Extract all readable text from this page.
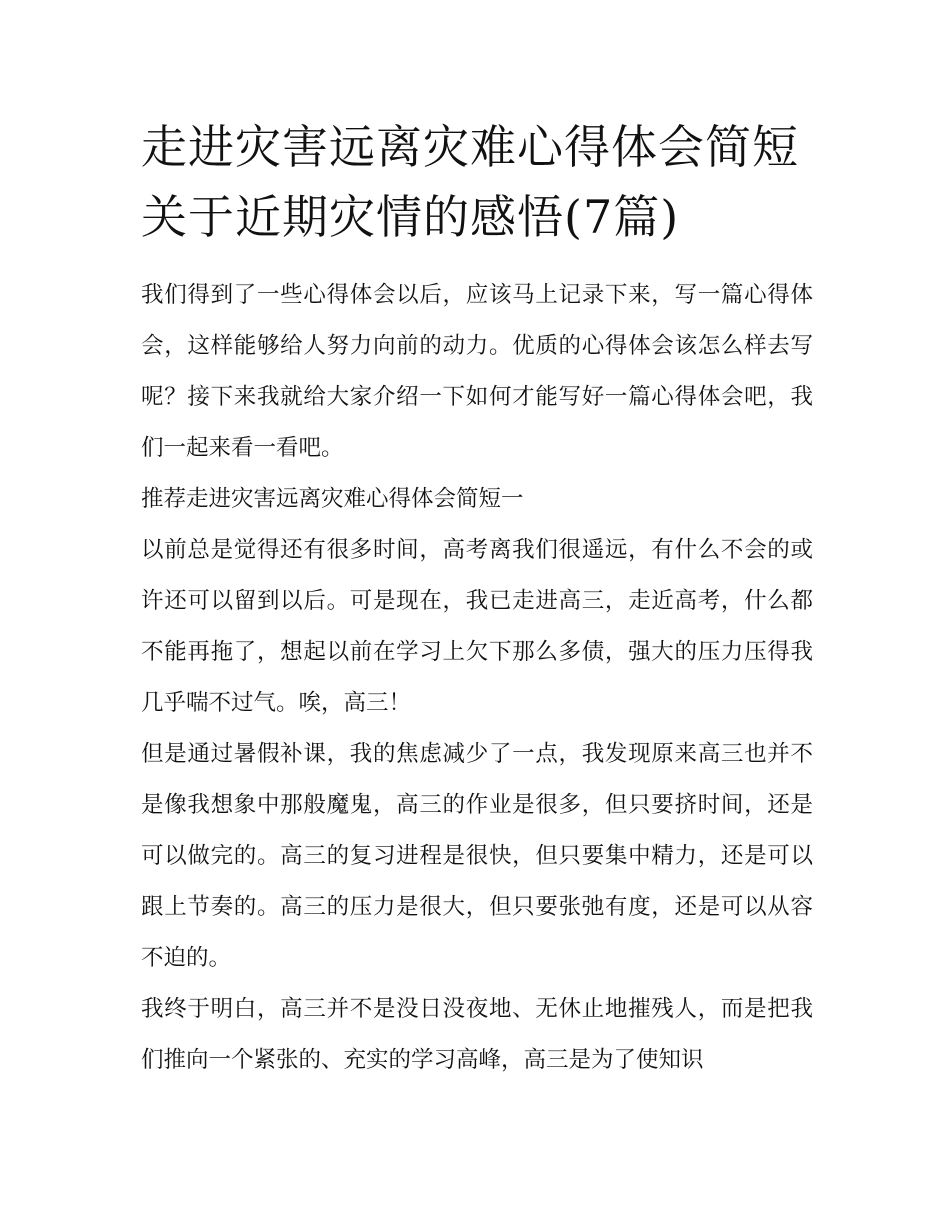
走进灾害远离灾难心得体会简短 关于近期灾情的感悟(7篇)

我们得到了一些心得体会以后，应该马上记录下来，写一篇心得体会，这样能够给人努力向前的动力。优质的心得体会该怎么样去写呢？接下来我就给大家介绍一下如何才能写好一篇心得体会吧，我们一起来看一看吧。

推荐走进灾害远离灾难心得体会简短一

以前总是觉得还有很多时间，高考离我们很遥远，有什么不会的或许还可以留到以后。可是现在，我已走进高三，走近高考，什么都不能再拖了，想起以前在学习上欠下那么多债，强大的压力压得我几乎喘不过气。唉，高三！

但是通过暑假补课，我的焦虑减少了一点，我发现原来高三也并不是像我想象中那般魔鬼，高三的作业是很多，但只要挤时间，还是可以做完的。高三的复习进程是很快，但只要集中精力，还是可以跟上节奏的。高三的压力是很大，但只要张弛有度，还是可以从容不迫的。

我终于明白，高三并不是没日没夜地、无休止地摧残人，而是把我们推向一个紧张的、充实的学习高峰，高三是为了使知识
